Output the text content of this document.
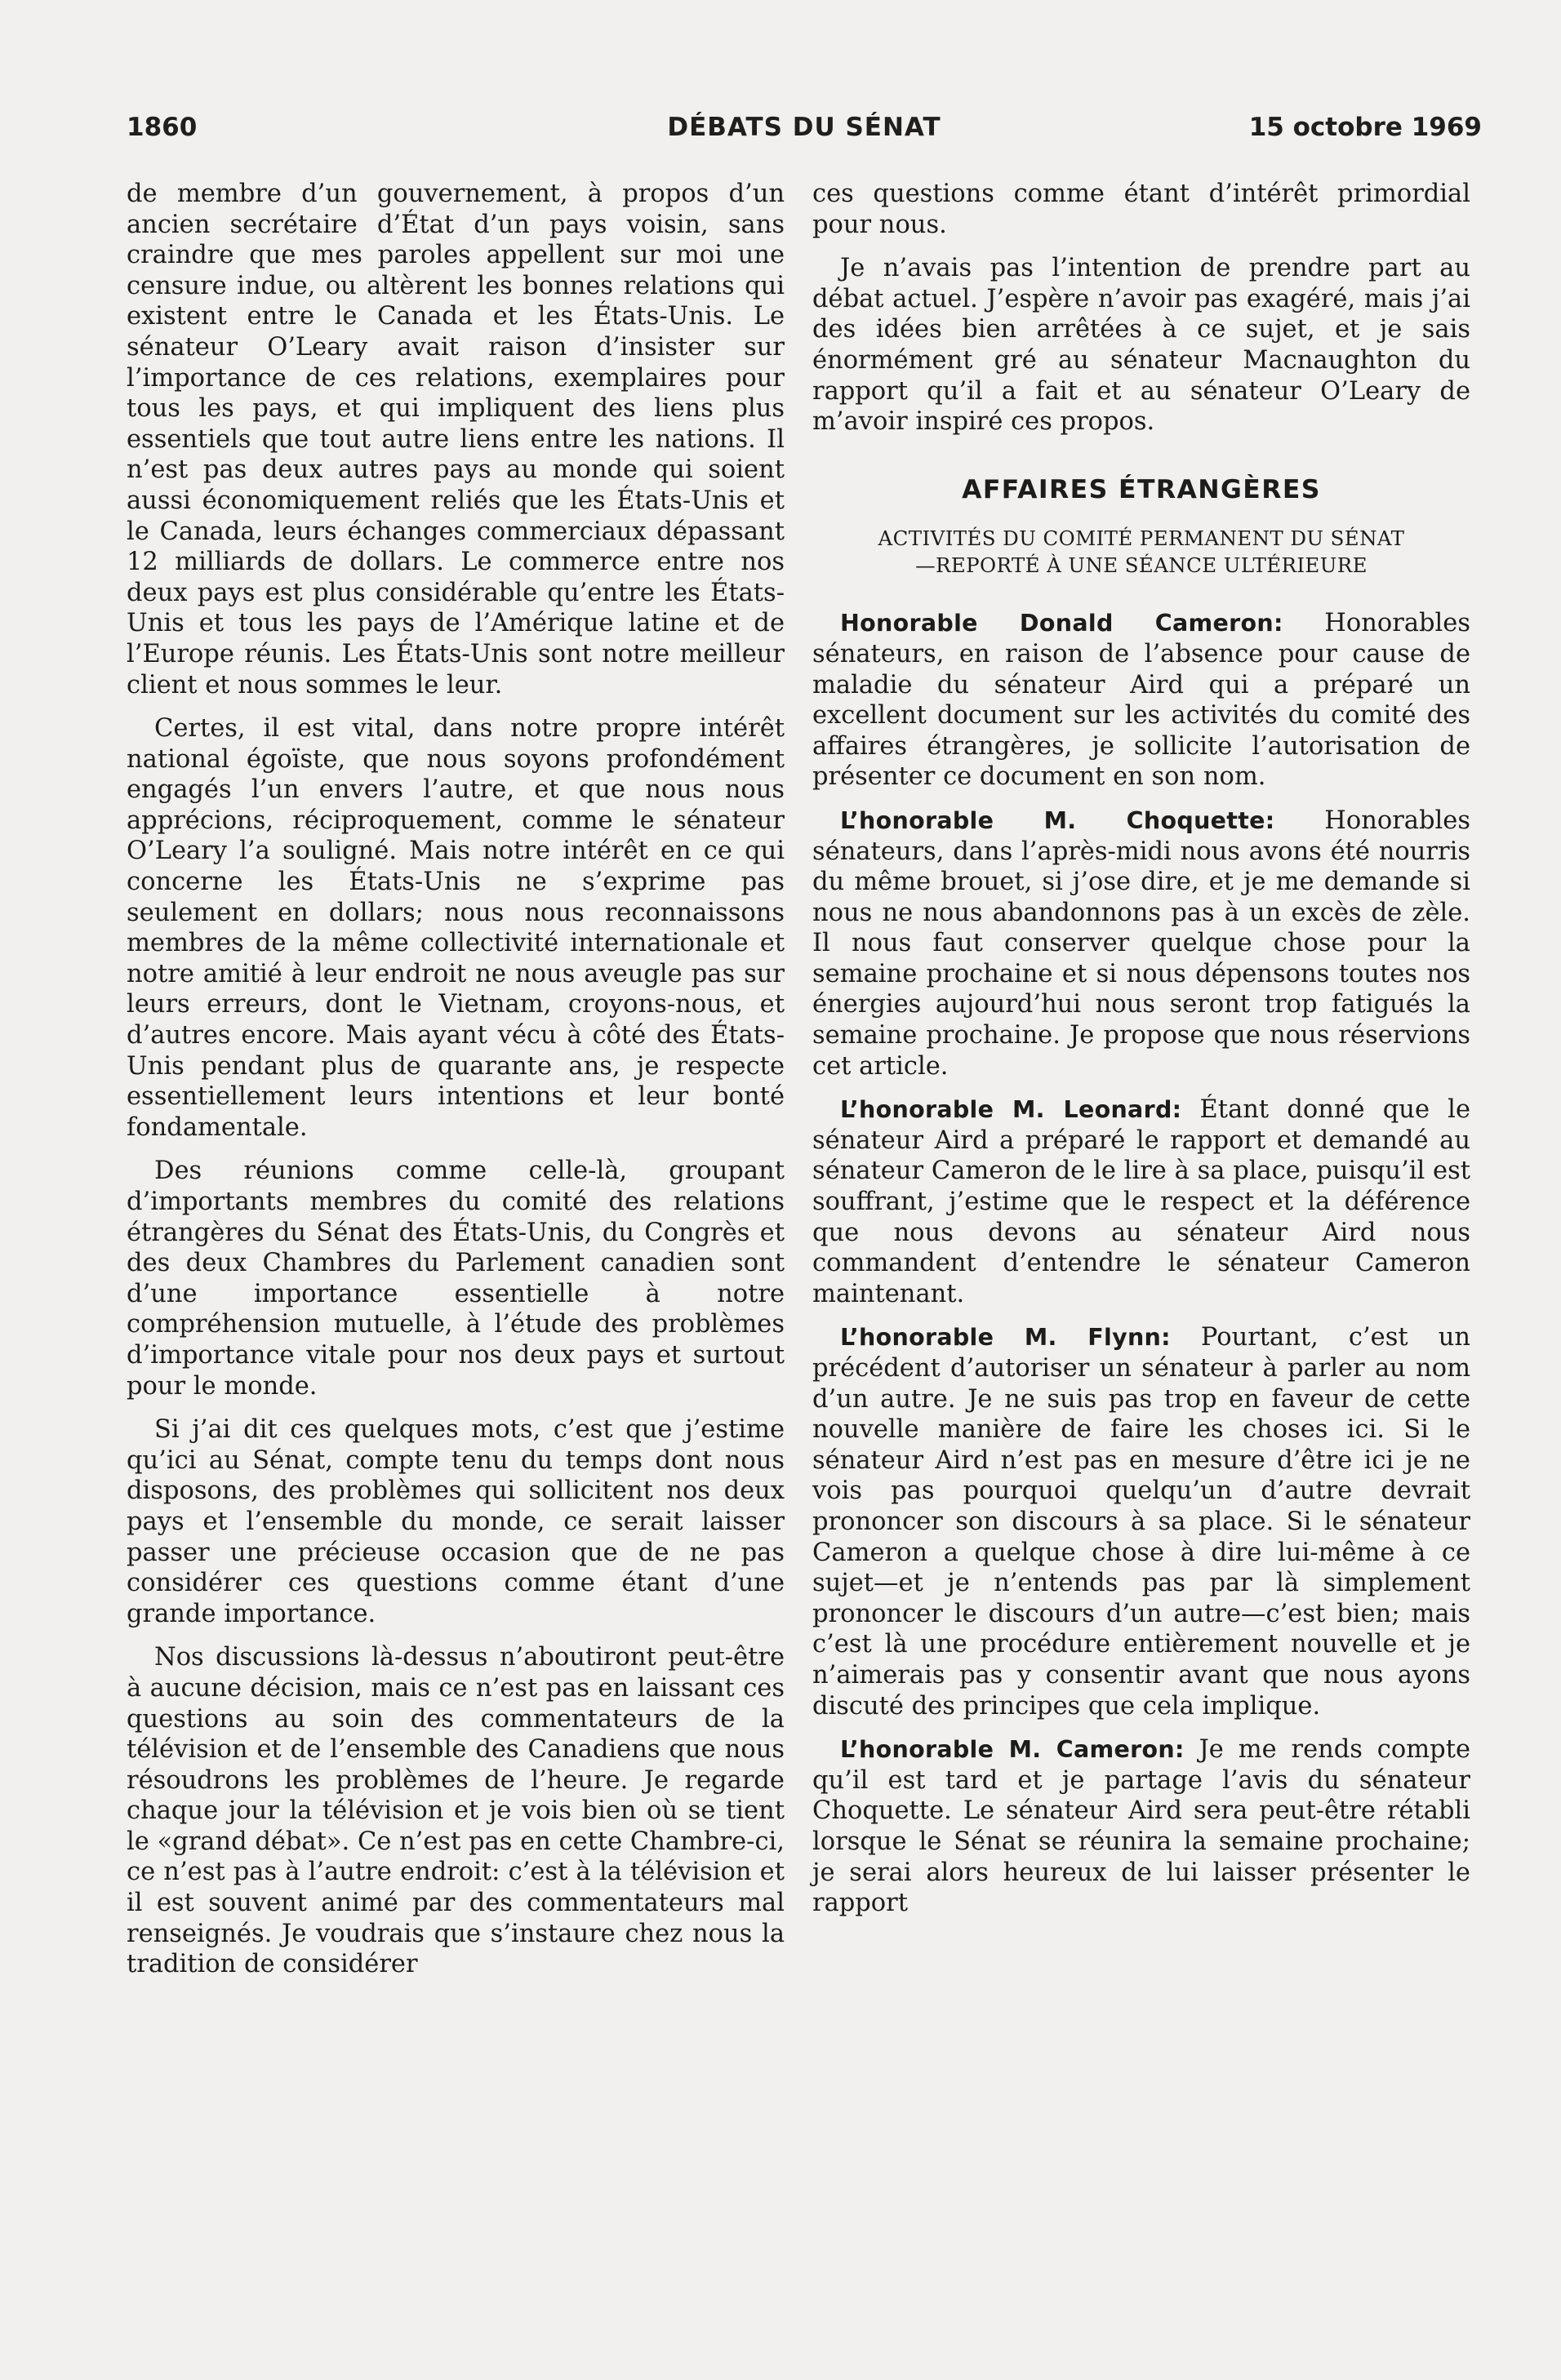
1860	DÉBATS DU SÉNAT	15 octobre 1969

de membre d’un gouvernement, à propos d’un ancien secrétaire d’État d’un pays voisin, sans craindre que mes paroles appellent sur moi une censure indue, ou altèrent les bonnes relations qui existent entre le Canada et les États-Unis. Le sénateur O’Leary avait raison d’insister sur l’importance de ces relations, exemplaires pour tous les pays, et qui impliquent des liens plus essentiels que tout autre liens entre les nations. Il n’est pas deux autres pays au monde qui soient aussi économiquement reliés que les États-Unis et le Canada, leurs échanges commerciaux dépassant 12 milliards de dollars. Le commerce entre nos deux pays est plus considérable qu’entre les États-Unis et tous les pays de l’Amérique latine et de l’Europe réunis. Les États-Unis sont notre meilleur client et nous sommes le leur.

Certes, il est vital, dans notre propre intérêt national égoïste, que nous soyons profondément engagés l’un envers l’autre, et que nous nous apprécions, réciproquement, comme le sénateur O’Leary l’a souligné. Mais notre intérêt en ce qui concerne les États-Unis ne s’exprime pas seulement en dollars; nous nous reconnaissons membres de la même collectivité internationale et notre amitié à leur endroit ne nous aveugle pas sur leurs erreurs, dont le Vietnam, croyons-nous, et d’autres encore. Mais ayant vécu à côté des États-Unis pendant plus de quarante ans, je respecte essentiellement leurs intentions et leur bonté fondamentale.

Des réunions comme celle-là, groupant d’importants membres du comité des relations étrangères du Sénat des États-Unis, du Congrès et des deux Chambres du Parlement canadien sont d’une importance essentielle à notre compréhension mutuelle, à l’étude des problèmes d’importance vitale pour nos deux pays et surtout pour le monde.

Si j’ai dit ces quelques mots, c’est que j’estime qu’ici au Sénat, compte tenu du temps dont nous disposons, des problèmes qui sollicitent nos deux pays et l’ensemble du monde, ce serait laisser passer une précieuse occasion que de ne pas considérer ces questions comme étant d’une grande importance.

Nos discussions là-dessus n’aboutiront peut-être à aucune décision, mais ce n’est pas en laissant ces questions au soin des commentateurs de la télévision et de l’ensemble des Canadiens que nous résoudrons les problèmes de l’heure. Je regarde chaque jour la télévision et je vois bien où se tient le «grand débat». Ce n’est pas en cette Chambre-ci, ce n’est pas à l’autre endroit: c’est à la télévision et il est souvent animé par des commentateurs mal renseignés. Je voudrais que s’instaure chez nous la tradition de considérer

ces questions comme étant d’intérêt primordial pour nous.

Je n’avais pas l’intention de prendre part au débat actuel. J’espère n’avoir pas exagéré, mais j’ai des idées bien arrêtées à ce sujet, et je sais énormément gré au sénateur Macnaughton du rapport qu’il a fait et au sénateur O’Leary de m’avoir inspiré ces propos.

AFFAIRES ÉTRANGÈRES
ACTIVITÉS DU COMITÉ PERMANENT DU SÉNAT
—REPORTÉ À UNE SÉANCE ULTÉRIEURE

Honorable Donald Cameron: Honorables sénateurs, en raison de l’absence pour cause de maladie du sénateur Aird qui a préparé un excellent document sur les activités du comité des affaires étrangères, je sollicite l’autorisation de présenter ce document en son nom.

L’honorable M. Choquette: Honorables sénateurs, dans l’après-midi nous avons été nourris du même brouet, si j’ose dire, et je me demande si nous ne nous abandonnons pas à un excès de zèle. Il nous faut conserver quelque chose pour la semaine prochaine et si nous dépensons toutes nos énergies aujourd’hui nous seront trop fatigués la semaine prochaine. Je propose que nous réservions cet article.

L’honorable M. Leonard: Étant donné que le sénateur Aird a préparé le rapport et demandé au sénateur Cameron de le lire à sa place, puisqu’il est souffrant, j’estime que le respect et la déférence que nous devons au sénateur Aird nous commandent d’entendre le sénateur Cameron maintenant.

L’honorable M. Flynn: Pourtant, c’est un précédent d’autoriser un sénateur à parler au nom d’un autre. Je ne suis pas trop en faveur de cette nouvelle manière de faire les choses ici. Si le sénateur Aird n’est pas en mesure d’être ici je ne vois pas pourquoi quelqu’un d’autre devrait prononcer son discours à sa place. Si le sénateur Cameron a quelque chose à dire lui-même à ce sujet—et je n’entends pas par là simplement prononcer le discours d’un autre—c’est bien; mais c’est là une procédure entièrement nouvelle et je n’aimerais pas y consentir avant que nous ayons discuté des principes que cela implique.

L’honorable M. Cameron: Je me rends compte qu’il est tard et je partage l’avis du sénateur Choquette. Le sénateur Aird sera peut-être rétabli lorsque le Sénat se réunira la semaine prochaine; je serai alors heureux de lui laisser présenter le rapport
